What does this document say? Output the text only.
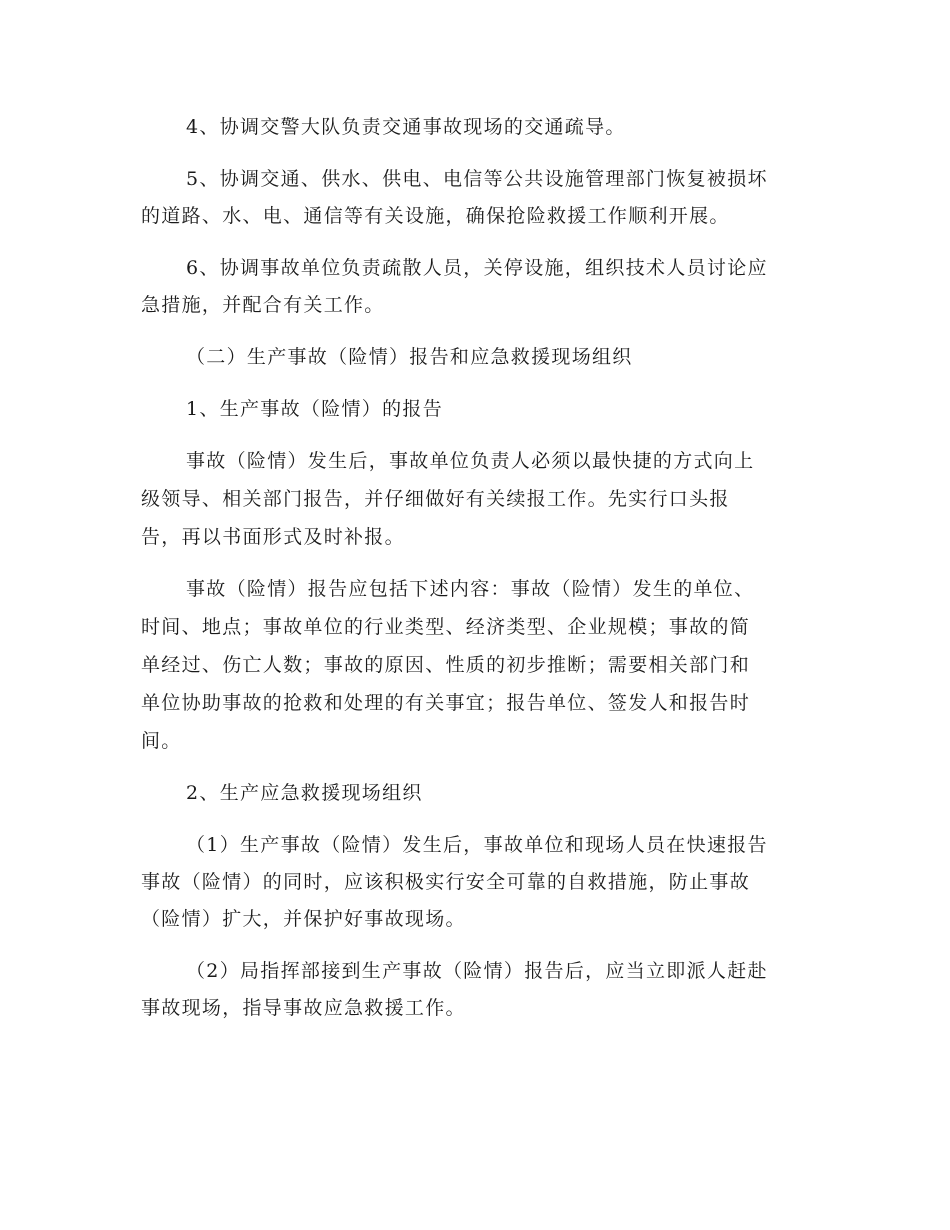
4、协调交警大队负责交通事故现场的交通疏导。
5、协调交通、供水、供电、电信等公共设施管理部门恢复被损坏
的道路、水、电、通信等有关设施，确保抢险救援工作顺利开展。
6、协调事故单位负责疏散人员，关停设施，组织技术人员讨论应
急措施，并配合有关工作。
（二）生产事故（险情）报告和应急救援现场组织
1、生产事故（险情）的报告
事故（险情）发生后，事故单位负责人必须以最快捷的方式向上
级领导、相关部门报告，并仔细做好有关续报工作。先实行口头报
告，再以书面形式及时补报。
事故（险情）报告应包括下述内容：事故（险情）发生的单位、
时间、地点；事故单位的行业类型、经济类型、企业规模；事故的简
单经过、伤亡人数；事故的原因、性质的初步推断；需要相关部门和
单位协助事故的抢救和处理的有关事宜；报告单位、签发人和报告时
间。
2、生产应急救援现场组织
（1）生产事故（险情）发生后，事故单位和现场人员在快速报告
事故（险情）的同时，应该积极实行安全可靠的自救措施，防止事故
（险情）扩大，并保护好事故现场。
（2）局指挥部接到生产事故（险情）报告后，应当立即派人赶赴
事故现场，指导事故应急救援工作。
